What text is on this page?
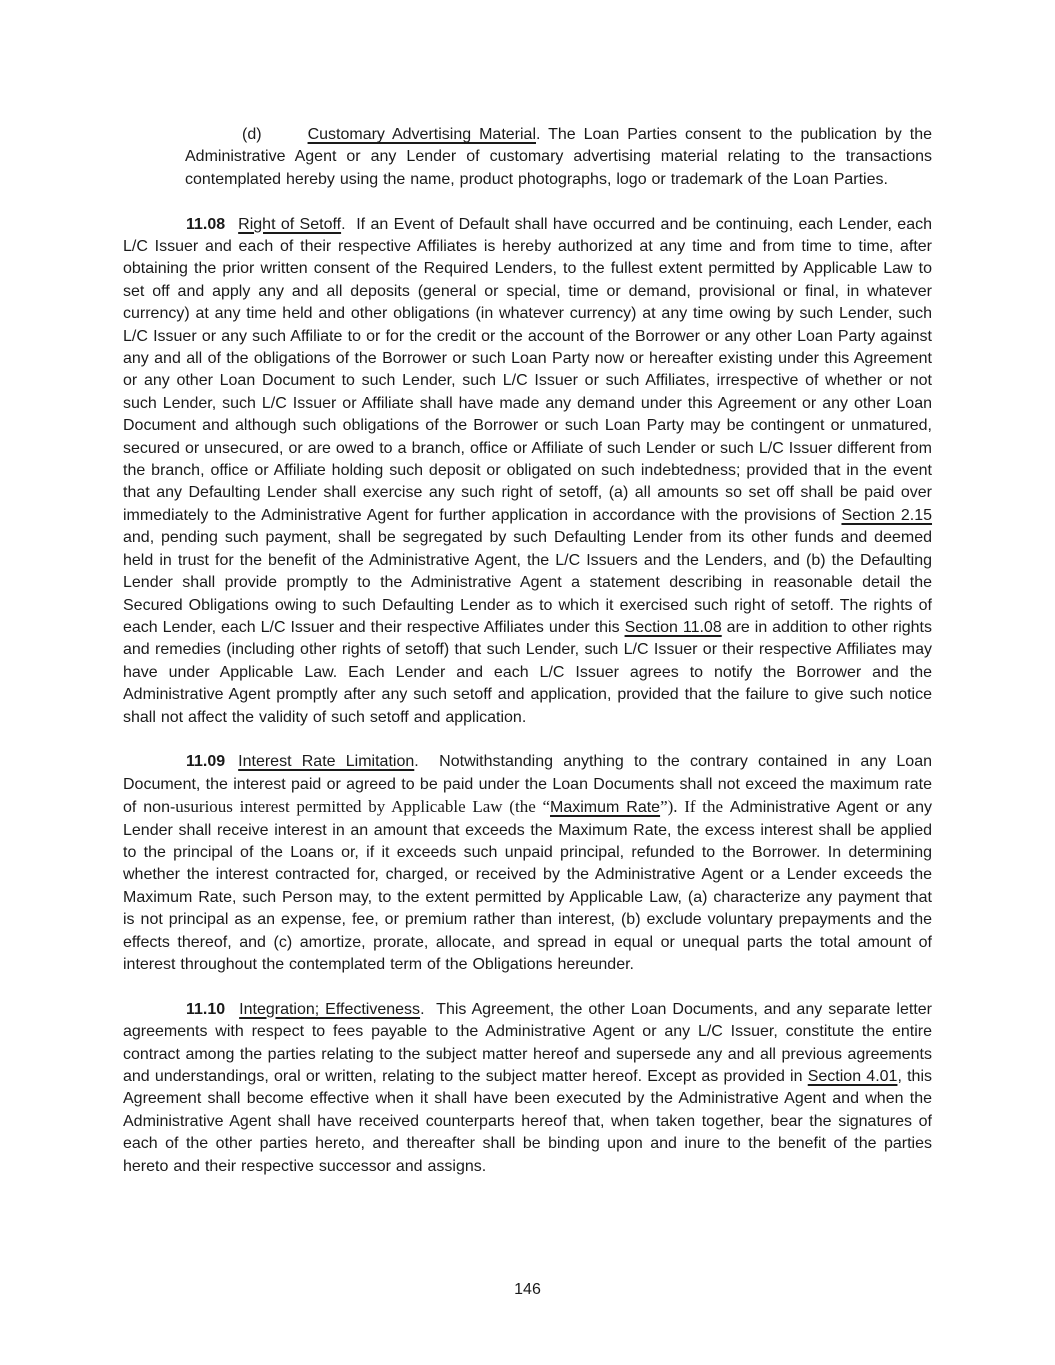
(d)	Customary Advertising Material. The Loan Parties consent to the publication by the Administrative Agent or any Lender of customary advertising material relating to the transactions contemplated hereby using the name, product photographs, logo or trademark of the Loan Parties.

11.08 Right of Setoff.  If an Event of Default shall have occurred and be continuing, each Lender, each L/C Issuer and each of their respective Affiliates is hereby authorized at any time and from time to time, after obtaining the prior written consent of the Required Lenders, to the fullest extent permitted by Applicable Law to set off and apply any and all deposits (general or special, time or demand, provisional or final, in whatever currency) at any time held and other obligations (in whatever currency) at any time owing by such Lender, such L/C Issuer or any such Affiliate to or for the credit or the account of the Borrower or any other Loan Party against any and all of the obligations of the Borrower or such Loan Party now or hereafter existing under this Agreement or any other Loan Document to such Lender, such L/C Issuer or such Affiliates, irrespective of whether or not such Lender, such L/C Issuer or Affiliate shall have made any demand under this Agreement or any other Loan Document and although such obligations of the Borrower or such Loan Party may be contingent or unmatured, secured or unsecured, or are owed to a branch, office or Affiliate of such Lender or such L/C Issuer different from the branch, office or Affiliate holding such deposit or obligated on such indebtedness; provided that in the event that any Defaulting Lender shall exercise any such right of setoff, (a) all amounts so set off shall be paid over immediately to the Administrative Agent for further application in accordance with the provisions of Section 2.15 and, pending such payment, shall be segregated by such Defaulting Lender from its other funds and deemed held in trust for the benefit of the Administrative Agent, the L/C Issuers and the Lenders, and (b) the Defaulting Lender shall provide promptly to the Administrative Agent a statement describing in reasonable detail the Secured Obligations owing to such Defaulting Lender as to which it exercised such right of setoff. The rights of each Lender, each L/C Issuer and their respective Affiliates under this Section 11.08 are in addition to other rights and remedies (including other rights of setoff) that such Lender, such L/C Issuer or their respective Affiliates may have under Applicable Law. Each Lender and each L/C Issuer agrees to notify the Borrower and the Administrative Agent promptly after any such setoff and application, provided that the failure to give such notice shall not affect the validity of such setoff and application.

11.09 Interest Rate Limitation.  Notwithstanding anything to the contrary contained in any Loan Document, the interest paid or agreed to be paid under the Loan Documents shall not exceed the maximum rate of non-usurious interest permitted by Applicable Law (the “Maximum Rate”). If the Administrative Agent or any Lender shall receive interest in an amount that exceeds the Maximum Rate, the excess interest shall be applied to the principal of the Loans or, if it exceeds such unpaid principal, refunded to the Borrower. In determining whether the interest contracted for, charged, or received by the Administrative Agent or a Lender exceeds the Maximum Rate, such Person may, to the extent permitted by Applicable Law, (a) characterize any payment that is not principal as an expense, fee, or premium rather than interest, (b) exclude voluntary prepayments and the effects thereof, and (c) amortize, prorate, allocate, and spread in equal or unequal parts the total amount of interest throughout the contemplated term of the Obligations hereunder.

11.10 Integration; Effectiveness.  This Agreement, the other Loan Documents, and any separate letter agreements with respect to fees payable to the Administrative Agent or any L/C Issuer, constitute the entire contract among the parties relating to the subject matter hereof and supersede any and all previous agreements and understandings, oral or written, relating to the subject matter hereof. Except as provided in Section 4.01, this Agreement shall become effective when it shall have been executed by the Administrative Agent and when the Administrative Agent shall have received counterparts hereof that, when taken together, bear the signatures of each of the other parties hereto, and thereafter shall be binding upon and inure to the benefit of the parties hereto and their respective successor and assigns.

146
